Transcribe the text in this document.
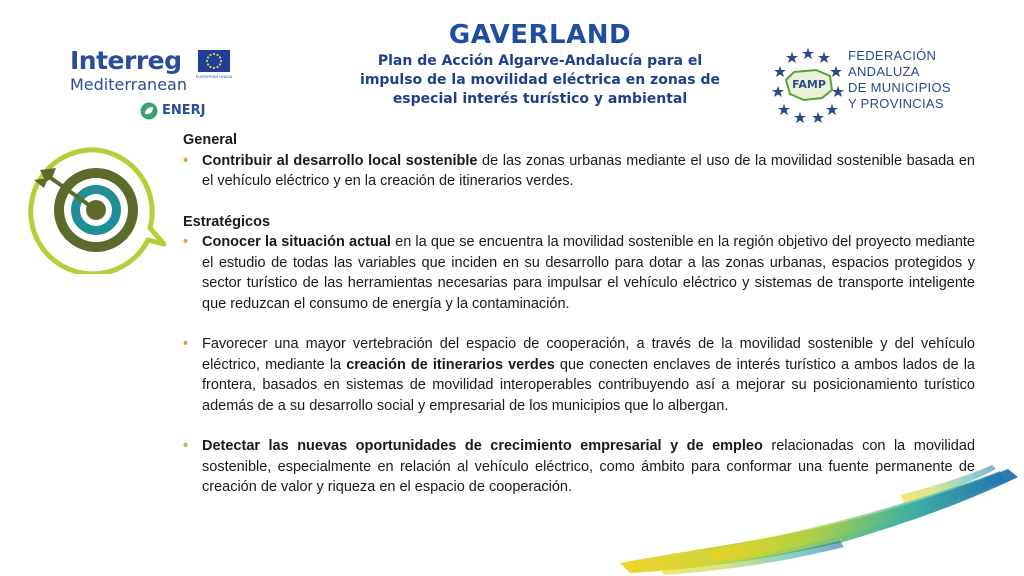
GAVERLAND
Plan de Acción Algarve-Andalucía para el
impulso de la movilidad eléctrica en zonas de
especial interés turístico y ambiental
Interreg
Mediterranean	EUROPEAN UNION
ENERJ
FAMP
FEDERACIÓN
ANDALUZA
DE MUNICIPIOS
Y PROVINCIAS
General
• Contribuir al desarrollo local sostenible de las zonas urbanas mediante el uso de la movilidad sostenible basada en el vehículo eléctrico y en la creación de itinerarios verdes.
Estratégicos
• Conocer la situación actual en la que se encuentra la movilidad sostenible en la región objetivo del proyecto mediante el estudio de todas las variables que inciden en su desarrollo para dotar a las zonas urbanas, espacios protegidos y sector turístico de las herramientas necesarias para impulsar el vehículo eléctrico y sistemas de transporte inteligente que reduzcan el consumo de energía y la contaminación.
• Favorecer una mayor vertebración del espacio de cooperación, a través de la movilidad sostenible y del vehículo eléctrico, mediante la creación de itinerarios verdes que conecten enclaves de interés turístico a ambos lados de la frontera, basados en sistemas de movilidad interoperables contribuyendo así a mejorar su posicionamiento turístico además de a su desarrollo social y empresarial de los municipios que lo albergan.
• Detectar las nuevas oportunidades de crecimiento empresarial y de empleo relacionadas con la movilidad sostenible, especialmente en relación al vehículo eléctrico, como ámbito para conformar una fuente permanente de creación de valor y riqueza en el espacio de cooperación.
